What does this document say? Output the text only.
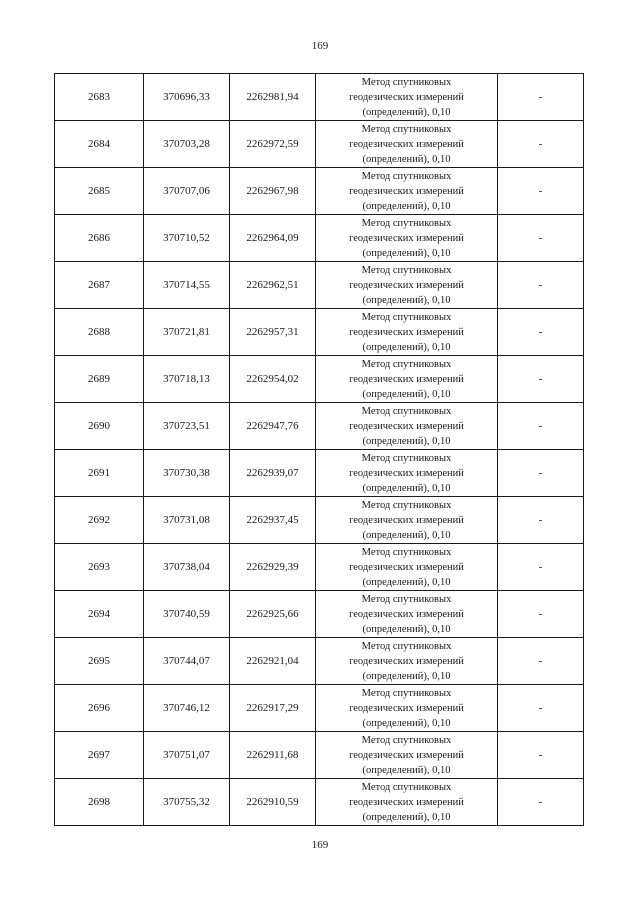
169
2683	370696,33	2262981,94	Метод спутниковых
геодезических измерений
(определений), 0,10	-
2684	370703,28	2262972,59	Метод спутниковых
геодезических измерений
(определений), 0,10	-
2685	370707,06	2262967,98	Метод спутниковых
геодезических измерений
(определений), 0,10	-
2686	370710,52	2262964,09	Метод спутниковых
геодезических измерений
(определений), 0,10	-
2687	370714,55	2262962,51	Метод спутниковых
геодезических измерений
(определений), 0,10	-
2688	370721,81	2262957,31	Метод спутниковых
геодезических измерений
(определений), 0,10	-
2689	370718,13	2262954,02	Метод спутниковых
геодезических измерений
(определений), 0,10	-
2690	370723,51	2262947,76	Метод спутниковых
геодезических измерений
(определений), 0,10	-
2691	370730,38	2262939,07	Метод спутниковых
геодезических измерений
(определений), 0,10	-
2692	370731,08	2262937,45	Метод спутниковых
геодезических измерений
(определений), 0,10	-
2693	370738,04	2262929,39	Метод спутниковых
геодезических измерений
(определений), 0,10	-
2694	370740,59	2262925,66	Метод спутниковых
геодезических измерений
(определений), 0,10	-
2695	370744,07	2262921,04	Метод спутниковых
геодезических измерений
(определений), 0,10	-
2696	370746,12	2262917,29	Метод спутниковых
геодезических измерений
(определений), 0,10	-
2697	370751,07	2262911,68	Метод спутниковых
геодезических измерений
(определений), 0,10	-
2698	370755,32	2262910,59	Метод спутниковых
геодезических измерений
(определений), 0,10	-
169
